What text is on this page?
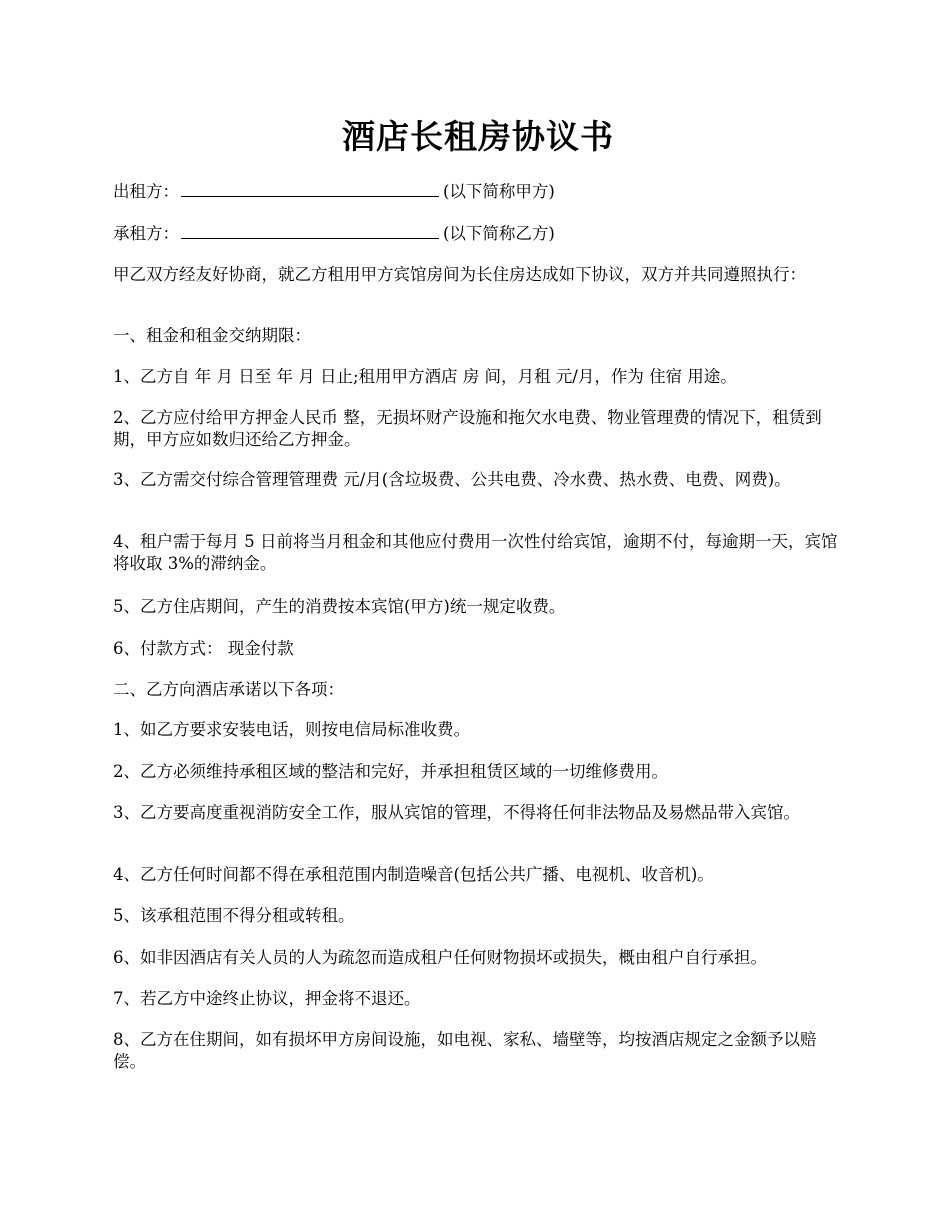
酒店长租房协议书
出租方：	(以下简称甲方)
承租方：	(以下简称乙方)
甲乙双方经友好协商，就乙方租用甲方宾馆房间为长住房达成如下协议，双方并共同遵照执行：
一、租金和租金交纳期限：
1、乙方自 年 月 日至 年 月 日止;租用甲方酒店 房 间，月租 元/月，作为 住宿 用途。
2、乙方应付给甲方押金人民币 整，无损坏财产设施和拖欠水电费、物业管理费的情况下，租赁到期，甲方应如数归还给乙方押金。
3、乙方需交付综合管理管理费 元/月(含垃圾费、公共电费、冷水费、热水费、电费、网费)。
4、租户需于每月 5 日前将当月租金和其他应付费用一次性付给宾馆，逾期不付，每逾期一天，宾馆将收取 3%的滞纳金。
5、乙方住店期间，产生的消费按本宾馆(甲方)统一规定收费。
6、付款方式： 现金付款
二、乙方向酒店承诺以下各项：
1、如乙方要求安装电话，则按电信局标准收费。
2、乙方必须维持承租区域的整洁和完好，并承担租赁区域的一切维修费用。
3、乙方要高度重视消防安全工作，服从宾馆的管理，不得将任何非法物品及易燃品带入宾馆。
4、乙方任何时间都不得在承租范围内制造噪音(包括公共广播、电视机、收音机)。
5、该承租范围不得分租或转租。
6、如非因酒店有关人员的人为疏忽而造成租户任何财物损坏或损失，概由租户自行承担。
7、若乙方中途终止协议，押金将不退还。
8、乙方在住期间，如有损坏甲方房间设施，如电视、家私、墙壁等，均按酒店规定之金额予以赔偿。
